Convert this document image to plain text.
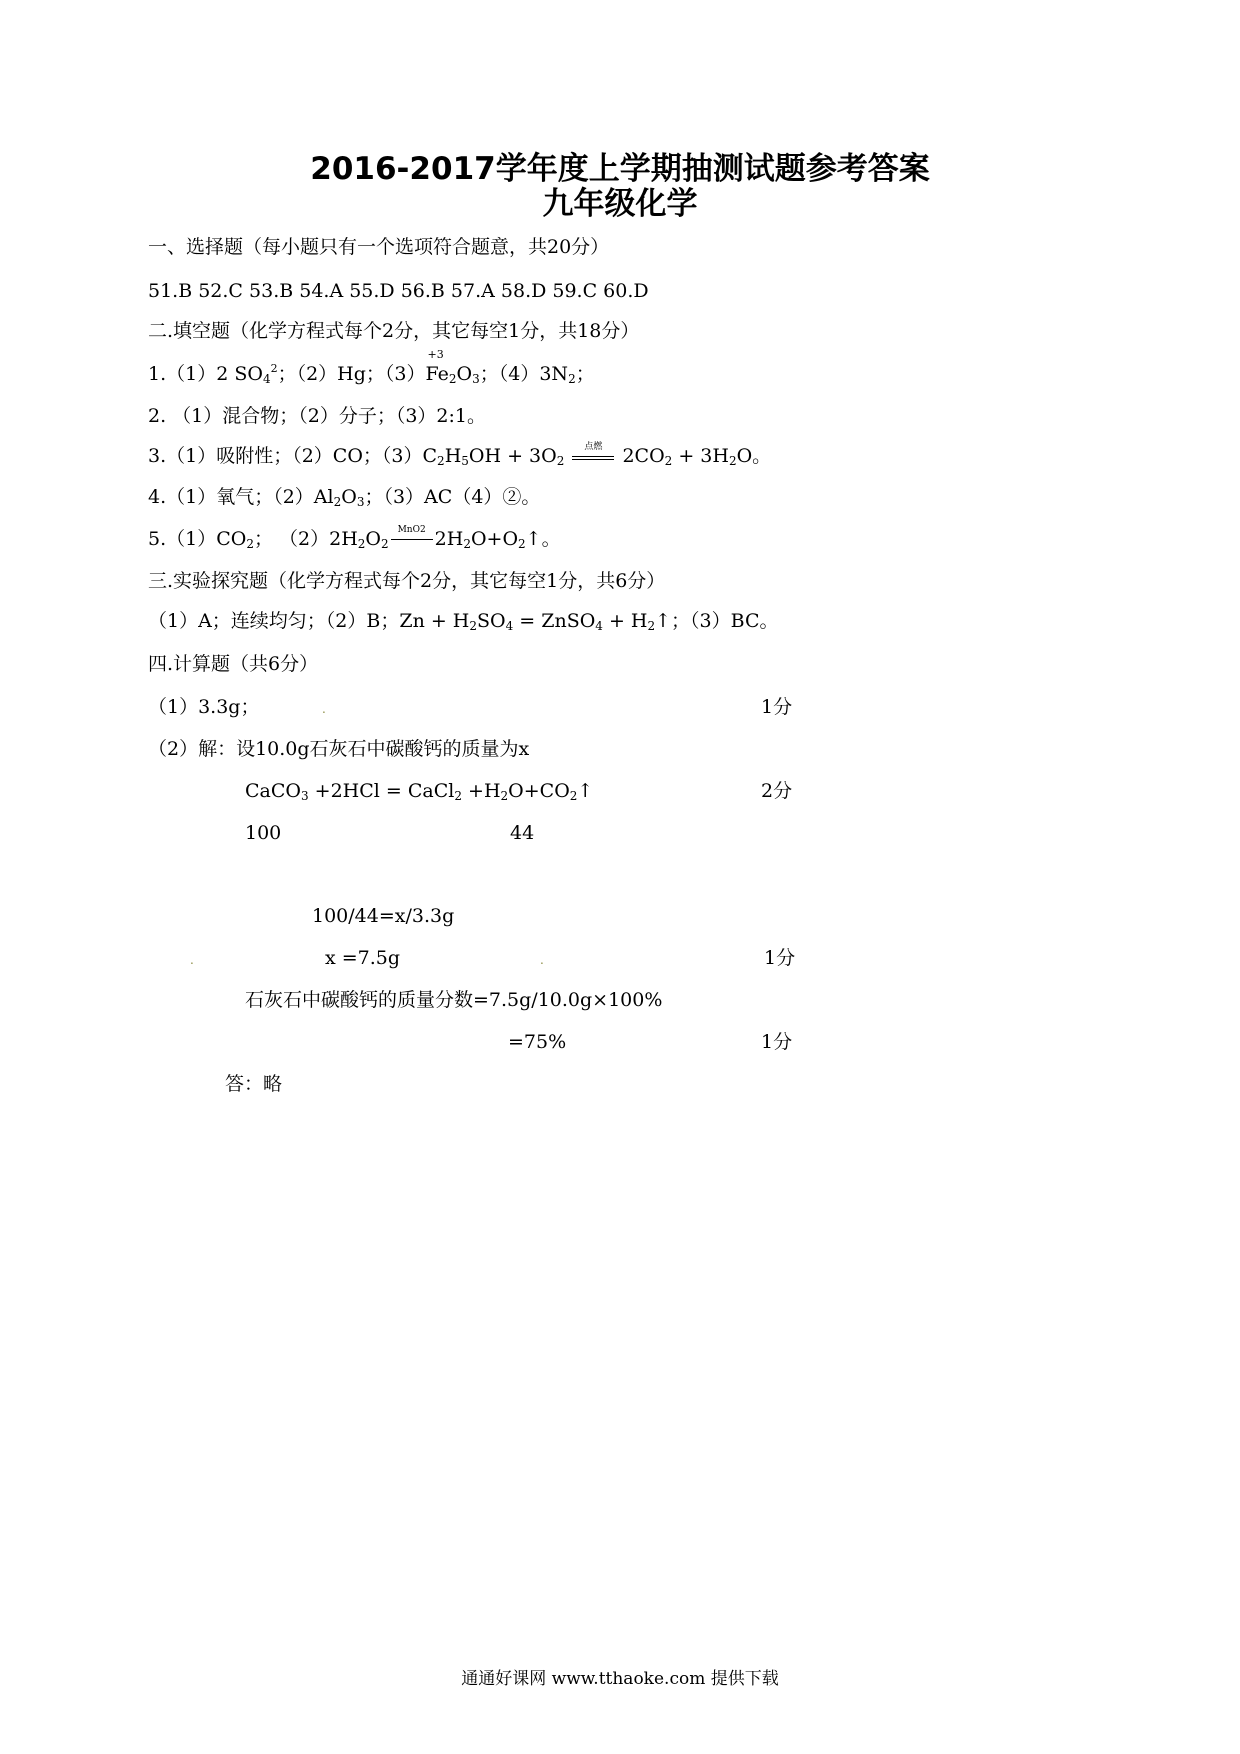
2016-2017学年度上学期抽测试题参考答案
九年级化学
一、选择题（每小题只有一个选项符合题意，共20分）
51.B 52.C 53.B 54.A 55.D 56.B 57.A 58.D 59.C 60.D
二.填空题（化学方程式每个2分，其它每空1分，共18分）
1.（1）2 $SO_4^2$；（2）Hg；（3）
+3
$Fe_2O_3$；$(4)3N_2$；
2. （1）混合物；（2）分子；（3）2:1。
3.（1）吸附性；（2）CO；$(3)C_2H_5OH + 3O_2$
点燃 $2CO_2 + 3H_2O$。
4.（1）氧气；$(2)Al_2O_3$；（3）AC（4）②。
$5.(1)CO_2$； $(2)2H_2O_2$
MnO2 $2H_2O+O_2↑$。
三.实验探究题（化学方程式每个2分，其它每空1分，共6分）
（1）A；连续均匀；（2）B；$Zn + H_2SO_4$ = ZnSO$_4$ + $H_2↑$；（3）BC。
四.计算题（共6分）
（1）3.3g；	.	1分
（2）解：设10.0g石灰石中碳酸钙的质量为x
CaCO$_3$ +2HCl = CaCl$_2$ $+H_2O+CO_2↑$	2分
100	44
100/44=x/3.3g
.	x =7.5g	.	1分
石灰石中碳酸钙的质量分数=7.5g/10.0g×100%
=75%	1分
答：略
通通好课网 www.tthaoke.com 提供下载
